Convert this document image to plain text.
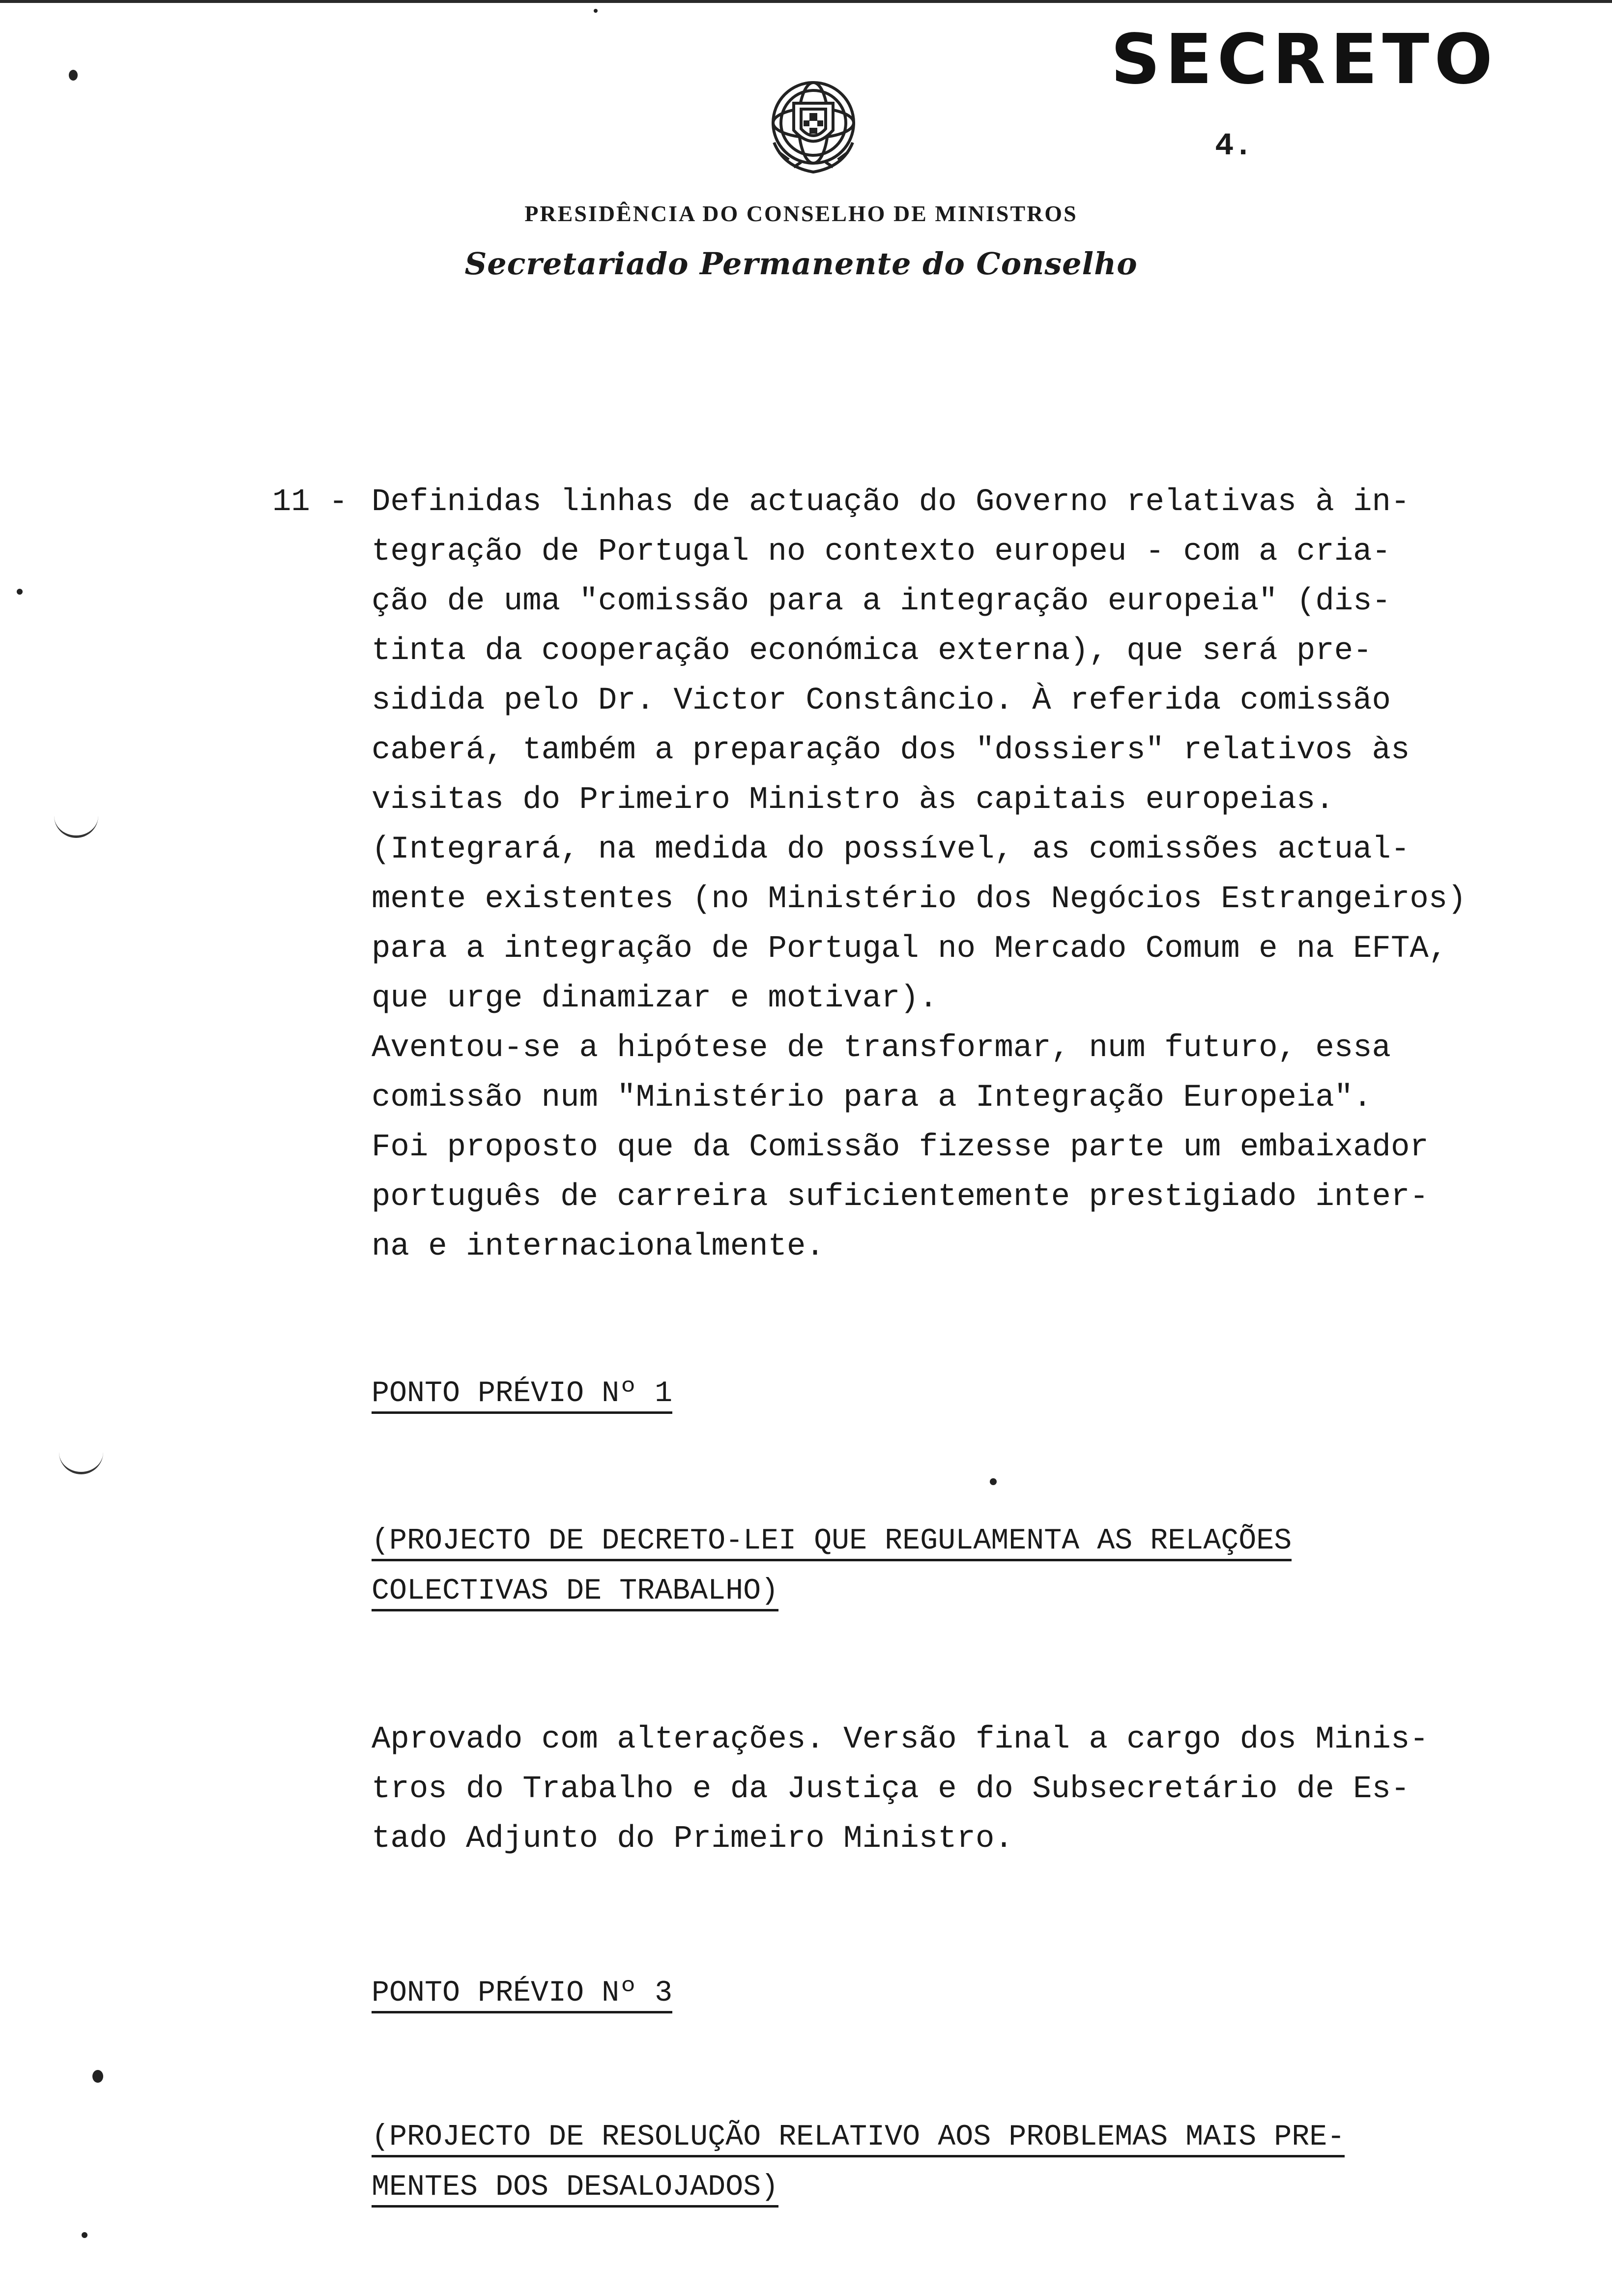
SECRETO
4.
PRESIDÊNCIA DO CONSELHO DE MINISTROS
Secretariado Permanente do Conselho
11 - Definidas linhas de actuação do Governo relativas à in-
tegração de Portugal no contexto europeu - com a cria-
ção de uma "comissão para a integração europeia" (dis-
tinta da cooperação económica externa), que será pre-
sidida pelo Dr. Victor Constâncio. À referida comissão
caberá, também a preparação dos "dossiers" relativos às
visitas do Primeiro Ministro às capitais europeias.
(Integrará, na medida do possível, as comissões actual-
mente existentes (no Ministério dos Negócios Estrangeiros)
para a integração de Portugal no Mercado Comum e na EFTA,
que urge dinamizar e motivar).
Aventou-se a hipótese de transformar, num futuro, essa
comissão num "Ministério para a Integração Europeia".
Foi proposto que da Comissão fizesse parte um embaixador
português de carreira suficientemente prestigiado inter-
na e internacionalmente.
PONTO PRÉVIO Nº 1
(PROJECTO DE DECRETO-LEI QUE REGULAMENTA AS RELAÇÕES
COLECTIVAS DE TRABALHO)
Aprovado com alterações. Versão final a cargo dos Minis-
tros do Trabalho e da Justiça e do Subsecretário de Es-
tado Adjunto do Primeiro Ministro.
PONTO PRÉVIO Nº 3
(PROJECTO DE RESOLUÇÃO RELATIVO AOS PROBLEMAS MAIS PRE-
MENTES DOS DESALOJADOS)
